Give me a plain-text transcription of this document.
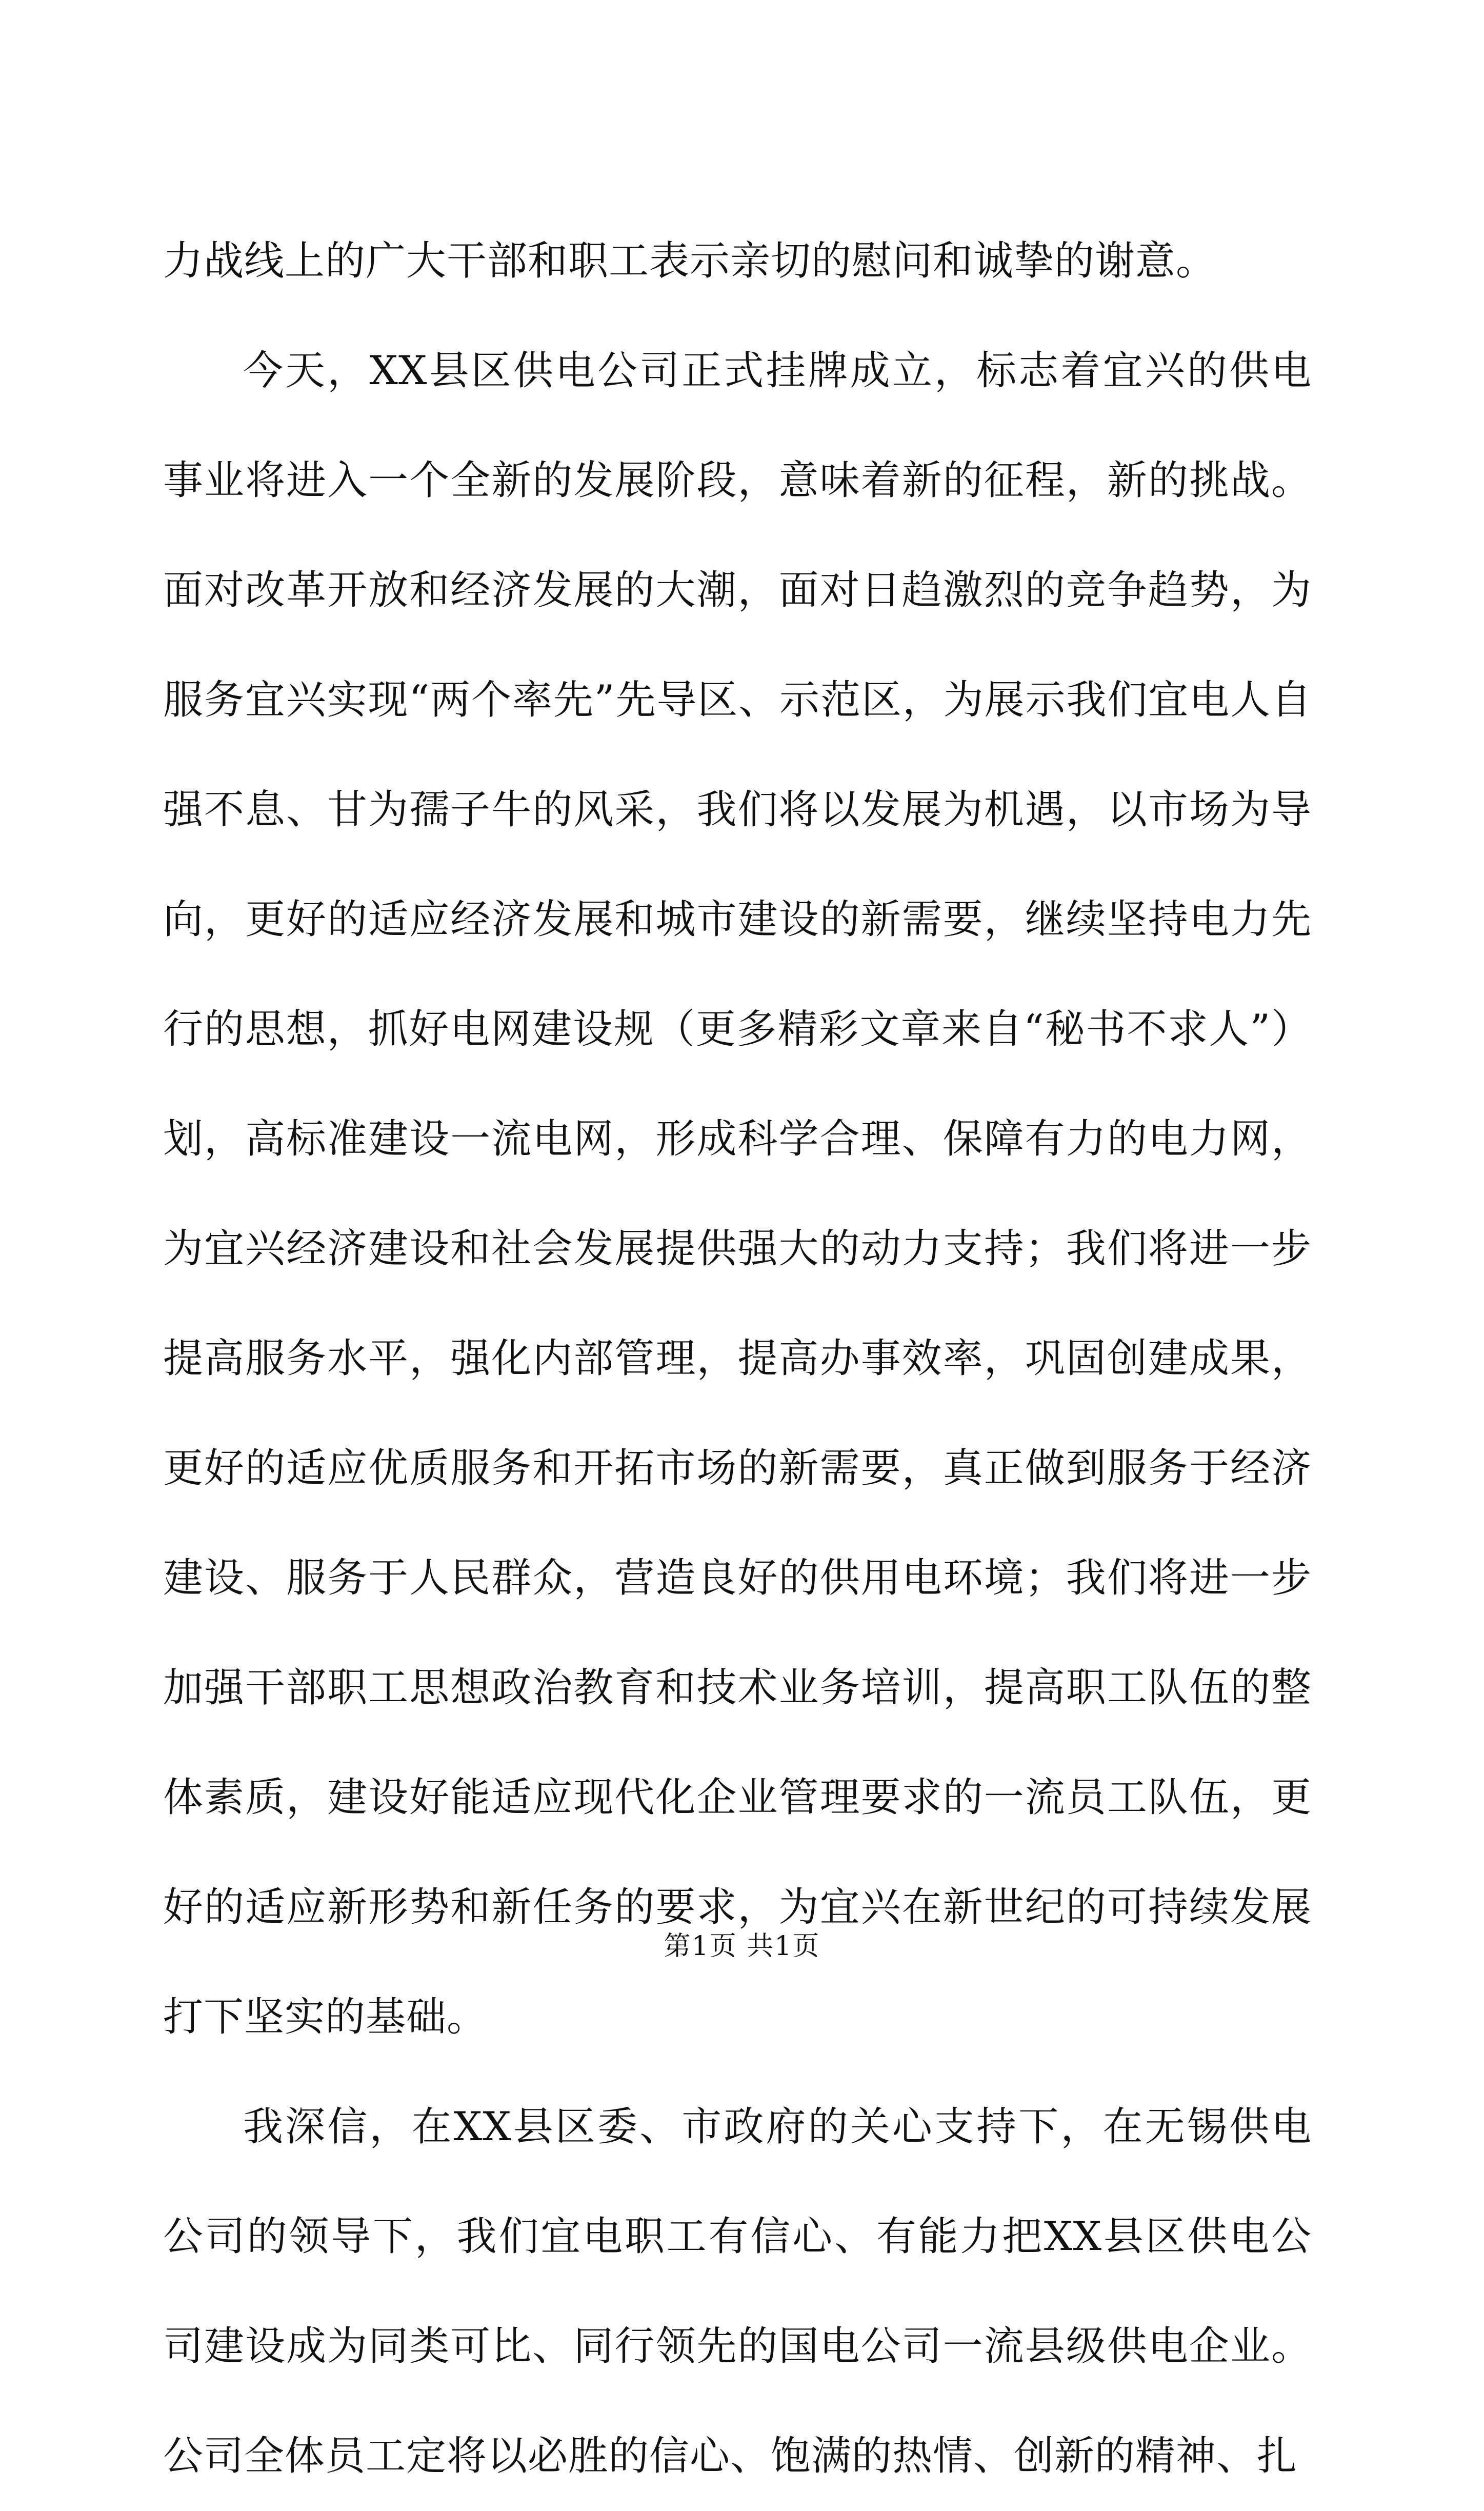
力战线上的广大干部和职工表示亲切的慰问和诚挚的谢意。

今天，XX县区供电公司正式挂牌成立，标志着宜兴的供电事业将进入一个全新的发展阶段，意味着新的征程，新的挑战。面对改革开放和经济发展的大潮，面对日趋激烈的竞争趋势，为服务宜兴实现“两个率先”先导区、示范区，为展示我们宜电人自强不息、甘为孺子牛的风采，我们将以发展为机遇，以市场为导向，更好的适应经济发展和城市建设的新需要，继续坚持电力先行的思想，抓好电网建设规（更多精彩文章来自“秘书不求人”）划，高标准建设一流电网，形成科学合理、保障有力的电力网，为宜兴经济建设和社会发展提供强大的动力支持；我们将进一步提高服务水平，强化内部管理，提高办事效率，巩固创建成果，更好的适应优质服务和开拓市场的新需要，真正做到服务于经济建设、服务于人民群众，营造良好的供用电环境；我们将进一步加强干部职工思想政治教育和技术业务培训，提高职工队伍的整体素质，建设好能适应现代化企业管理要求的一流员工队伍，更好的适应新形势和新任务的要求，为宜兴在新世纪的可持续发展打下坚实的基础。

我深信，在XX县区委、市政府的关心支持下，在无锡供电公司的领导下，我们宜电职工有信心、有能力把XX县区供电公司建设成为同类可比、同行领先的国电公司一流县级供电企业。公司全体员工定将以必胜的信心、饱满的热情、创新的精神、扎

第1页 共1页
